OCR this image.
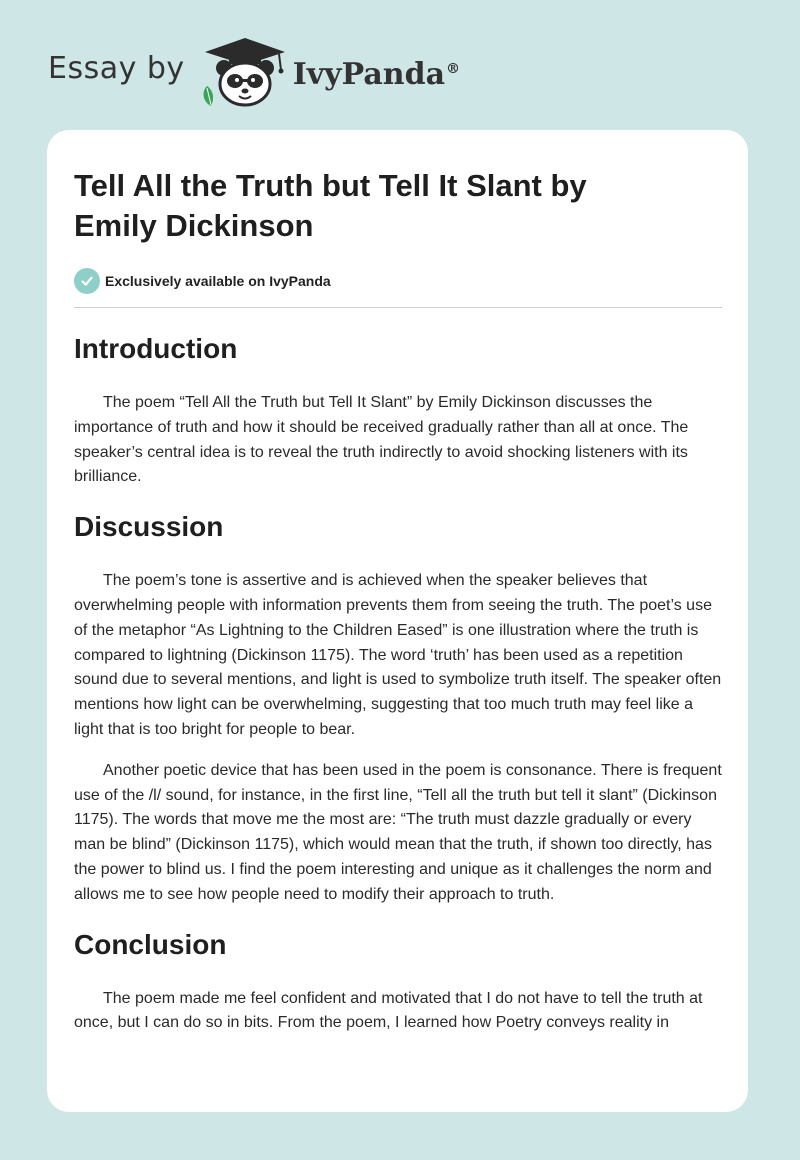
Essay by	IvyPanda®
Tell All the Truth but Tell It Slant by Emily Dickinson
Exclusively available on IvyPanda
Introduction

The poem “Tell All the Truth but Tell It Slant” by Emily Dickinson discusses the importance of truth and how it should be received gradually rather than all at once. The speaker’s central idea is to reveal the truth indirectly to avoid shocking listeners with its brilliance.

Discussion

The poem’s tone is assertive and is achieved when the speaker believes that overwhelming people with information prevents them from seeing the truth. The poet’s use of the metaphor “As Lightning to the Children Eased” is one illustration where the truth is compared to lightning (Dickinson 1175). The word ‘truth’ has been used as a repetition sound due to several mentions, and light is used to symbolize truth itself. The speaker often mentions how light can be overwhelming, suggesting that too much truth may feel like a light that is too bright for people to bear.

Another poetic device that has been used in the poem is consonance. There is frequent use of the /l/ sound, for instance, in the first line, “Tell all the truth but tell it slant” (Dickinson 1175). The words that move me the most are: “The truth must dazzle gradually or every man be blind” (Dickinson 1175), which would mean that the truth, if shown too directly, has the power to blind us. I find the poem interesting and unique as it challenges the norm and allows me to see how people need to modify their approach to truth.

Conclusion

The poem made me feel confident and motivated that I do not have to tell the truth at once, but I can do so in bits. From the poem, I learned how Poetry conveys reality in
